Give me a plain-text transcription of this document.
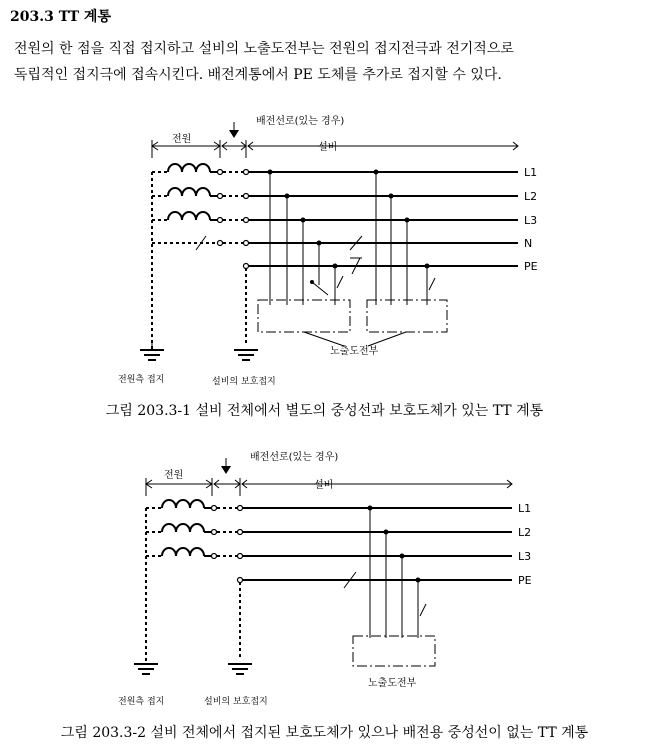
203.3 TT 계통
전원의 한 점을 직접 접지하고 설비의 노출도전부는 전원의 접지전극과 전기적으로
독립적인 접지극에 접속시킨다. 배전계통에서 PE 도체를 추가로 접지할 수 있다.
전원
배전선로(있는 경우)
설비
L1
L2
L3
N
PE
노출도전부
전원측 접지	설비의 보호접지
그림 203.3-1 설비 전체에서 별도의 중성선과 보호도체가 있는 TT 계통
전원
배전선로(있는 경우)
설비
L1
L2
L3
PE
노출도전부
전원측 접지	설비의 보호접지
그림 203.3-2 설비 전체에서 접지된 보호도체가 있으나 배전용 중성선이 없는 TT 계통
